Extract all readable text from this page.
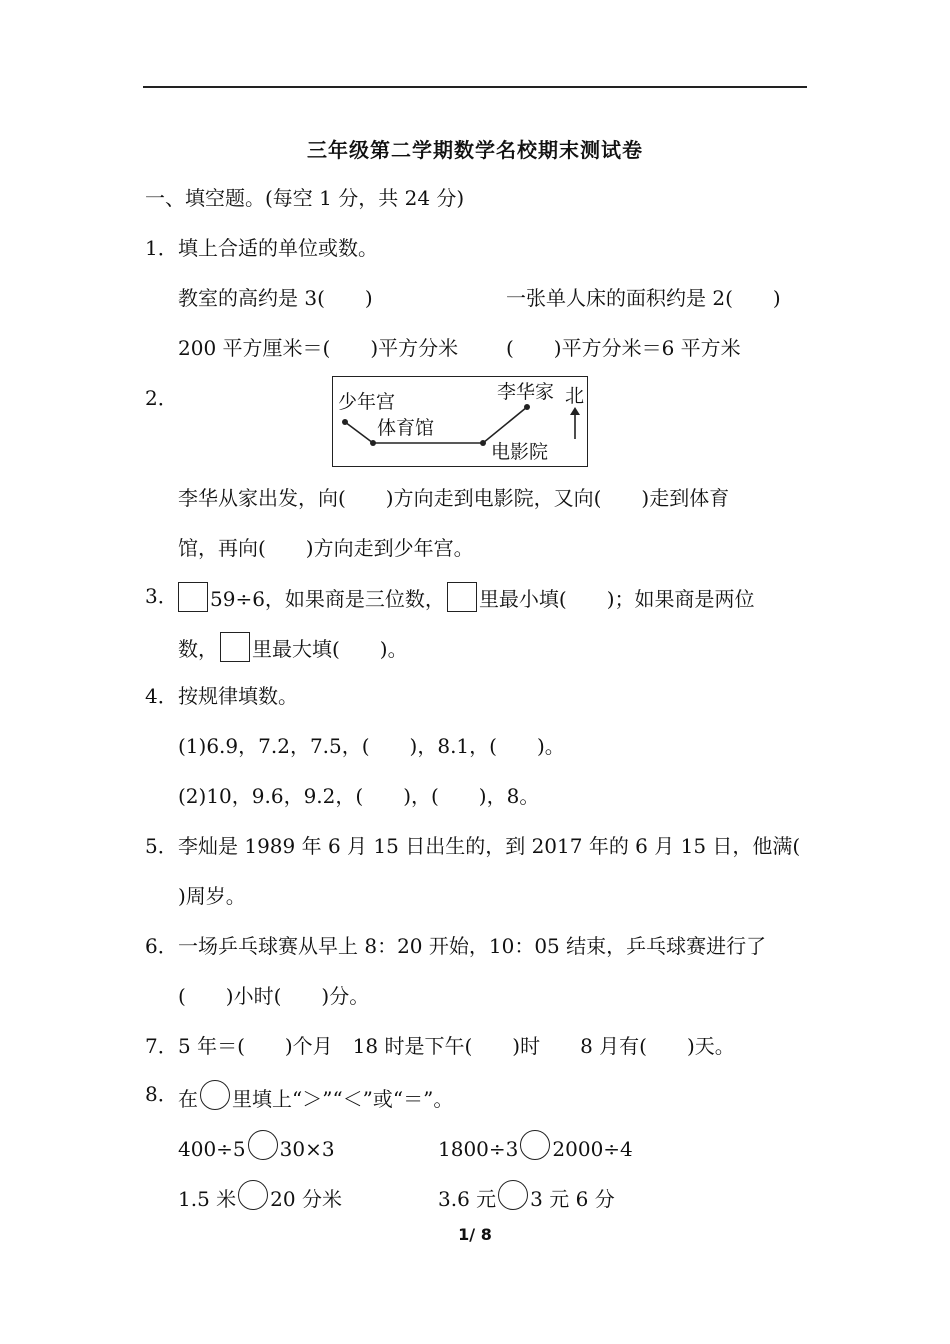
三年级第二学期数学名校期末测试卷
一、填空题。(每空 1 分，共 24 分)
1． 填上合适的单位或数。
教室的高约是 3(　　)	一张单人床的面积约是 2(　　)
200 平方厘米＝(　　)平方分米 (　　)平方分米＝6 平方米
2．	少年宫
体育馆
李华家
电影院
北
李华从家出发，向(　　)方向走到电影院，又向(　　)走到体育
馆，再向(　　)方向走到少年宫。
3．	59÷6，如果商是三位数， 里最小填(　　)；如果商是两位
数， 里最大填(　　)。
4． 按规律填数。
(1)6.9，7.2，7.5，(　　)，8.1，(　　)。
(2)10，9.6，9.2，(　　)，(　　)，8。
5． 李灿是 1989 年 6 月 15 日出生的，到 2017 年的 6 月 15 日，他满(
)周岁。
6． 一场乒乓球赛从早上 8：20 开始，10：05 结束，乒乓球赛进行了
(　　)小时(　　)分。
7． 5 年＝(　　)个月　18 时是下午(　　)时　　8 月有(　　)天。
8． 在 里填上“＞”“＜”或“＝”。
400÷5 30×3	1800÷3 2000÷4
1.5 米 20 分米	3.6 元 3 元 6 分
1/ 8
